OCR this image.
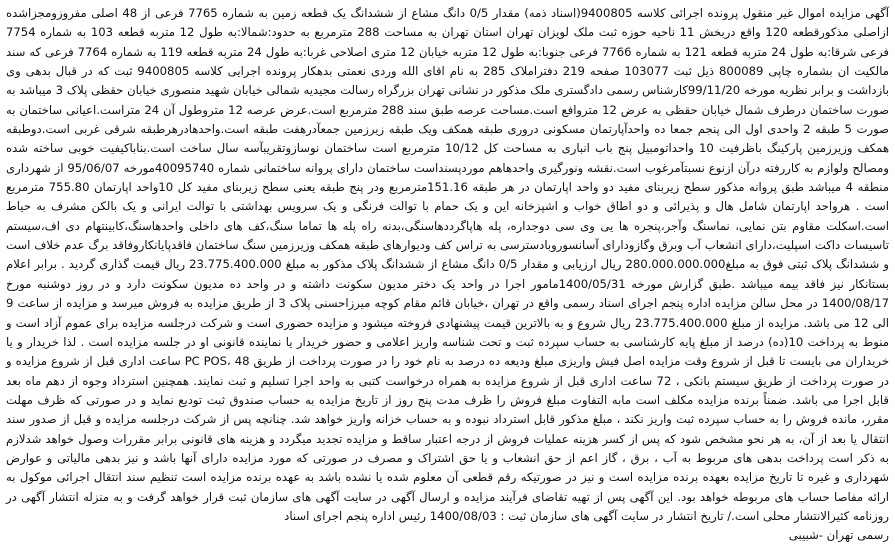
آگهی مزایده اموال غیر منقول پرونده اجرائی کلاسه 9400805(اسناد ذمه) مقدار 0/5 دانگ مشاع از ششدانگ یک قطعه زمین به شماره 7765 فرعی از 48 اصلی مفروزومجزاشده ازاصلی مذکورقطعه 120 واقع دربخش 11 ناحیه حوزه ثبت ملک لویزان تهران استان تهران به مساحت 288 مترمربع به حدود:شمالا:به طول 12 متربه قطعه 103 به شماره 7754 فرعی شرقا:به طول 24 متربه قطعه 121 به شماره 7766 فرعی جنوبا:به طول 12 متربه خیابان 12 متری اصلاحی غربا:به طول 24 متربه قطعه 119 به شماره 7764 فرعی که سند مالکیت ان بشماره چاپی 800089 ذیل ثبت 103077 صفحه 219 دفتراملاک 285 به نام اقای الله وردی نعمتی بدهکار پرونده اجرایی کلاسه 9400805 ثبت که در قبال بدهی وی بازداشت و برابر نظریه مورخه 99/11/20کارشناس رسمی دادگستری ملک مذکور در نشانی تهران بزرگراه رسالت مجیدیه شمالی خیابان شهید منصوری خیابان حقظی پلاک 3 میباشد به صورت ساختمان درطرف شمال خیابان حقظی به عرض 12 متروافع است.مساحت عرصه طبق سند 288 مترمربع است.عرض عرصه 12 متروطول آن 24 متراست.اعیانی ساختمان به صورت 5 طبقه 2 واحدی اول الی پنجم جمعا ده واحدآپارتمان مسکونی دروری طبقه همکف ویک طبقه زیرزمین جمعآدرهفت طبقه است.واحدهادرهرطبقه شرقی غربی است.دوطبقه همکف وزیرزمین پارکینگ باظرفیت 10 واحداتومبیل پنج باب انباری به مساحت کل 10/12 مترمربع است ساختمان نوسازوتقریبآسه سال ساخت است.بناباکیفیت خوبی ساخته شده ومصالح ولوازم به کاررفته درآن ازنوع نسبتآمرغوب است.نقشه ونورگیری واحدهاهم موردپسنداست ساختمان دارای پروانه ساختمانی شماره 40095740مورخه 95/06/07 از شهرداری منطقه 4 میباشد طبق پروانه مذکور سطح زیربنای مفید دو واحد اپارتمان در هر طبقه 151.16مترمربع ودر پنج طبقه یعنی سطح زیربنای مفید کل 10واحد اپارتمان 755.80 مترمربع است . هرواحد اپارتمان شامل هال و پذیرائی و دو اطاق خواب و اشپزخانه این و یک حمام با توالت فرنگی و یک سرویس بهداشتی با توالت ایرانی و یک بالکن مشرف به حیاط است.اسکلت مقاوم بتن نمایی، نماسنگ وآجر،پنجره ها یی وی سی دوجداره، پله هاپاگرددهاسنگی،بدنه راه پله ها تماما سنگ،کف های داخلی واحدهاسنگ،کابینتهام دی اف،سیستم تاسیسات داکت اسپلیت،دارای انشعاب آب وبرق وگازودارای آسانسوروبادسترسی به تراس کف ودیوارهای طبقه همکف وزیرزمین سنگ ساختمان فاقدپایانکاروفاقد برگ عدم خلاف است و ششدانگ پلاک ثبتی فوق به مبلغ280.000.000.000 ریال ارزیابی و مقدار 0/5 دانگ مشاع از ششدانگ پلاک مذکور به مبلغ 23.775.400.000 ریال قیمت گذاری گردید . برابر اعلام بستانکار نیز فاقد بیمه میباشد .طبق گزارش مورخه 1400/05/31مامور اجرا در واحد یک دختر مدیون سکونت داشته و در واحد ده مدیون سکونت دارد و در روز دوشنبه مورخ 1400/08/17 در محل سالن مزایده اداره پنجم اجرای اسناد رسمی واقع در تهران ،خیابان قائم مقام کوچه میرزاحسنی پلاک 3 از طریق مزایده به فروش میرسد و مزایده از ساعت 9 الی 12 می باشد. مزایده از مبلغ 23.775.400.000 ریال شروع و به بالاترین قیمت پیشنهادی فروخته میشود و مزایده حضوری است و شرکت درجلسه مزایده برای عموم آزاد است و منوط به پرداخت 10(ده) درصد از مبلغ پایه کارشناسی به حساب سپرده ثبت و تحت شناسه واریز اعلامی و حضور خریدار یا نماینده قانونی او در جلسه مزایده است . لذا خریدار و یا خریداران می بایست تا قبل از شروع وقت مزایده اصل فیش واریزی مبلغ ودیعه ده درصد به نام خود را در صورت پرداخت از طریق PC POS، 48 ساعت اداری قبل از شروع مزایده و در صورت پرداخت از طریق سیستم بانکی ، 72 ساعت اداری قبل از شروع مزایده به همراه درخواست کتبی به واحد اجرا تسلیم و ثبت نمایند. همچنین استرداد وجوه از دهم ماه بعد قابل اجرا می باشد. ضمناً برنده مزایده مکلف است مابه التفاوت مبلغ فروش را ظرف مدت پنج روز از تاریخ مزایده به حساب صندوق ثبت تودیع نماید و در صورتی که ظرف مهلت مقرر، مانده فروش را به حساب سپرده ثبت واریز نکند ، مبلغ مذکور قابل استرداد نبوده و به حساب خزانه واریز خواهد شد. چنانچه پس از شرکت درجلسه مزایده و قبل از صدور سند انتقال یا بعد از آن، به هر نحو مشخص شود که پس از کسر هزینه عملیات فروش از درجه اعتبار ساقط و مزایده تجدید میگردد و هزینه های قانونی برابر مقررات وصول خواهد شدلازم به ذکر است پرداخت بدهی های مربوط به آب ، برق ، گاز اعم از حق انشعاب و یا حق اشتراک و مصرف در صورتی که مورد مزایده دارای آنها باشد و نیز بدهی مالیاتی و عوارض شهرداری و غیره تا تاریخ مزایده بعهده برنده مزایده است و نیز در صورتیکه رقم قطعی آن معلوم شده یا نشده باشد به عهده برنده مزایده است تنظیم سند انتقال اجرائی موکول به ارائه مفاصا حساب های مربوطه خواهد بود. این آگهی پس از تهیه تقاضای فرآیند مزایده و ارسال آگهی در سایت آگهی های سازمان ثبت قرار خواهد گرفت و به منزله انتشار آگهی در روزنامه کثیرالانتشار محلی است./ تاریخ انتشار در سایت آگهی های سازمان ثبت : 1400/08/03 رئیس اداره پنجم اجرای اسناد

رسمی تهران -شبیبی
